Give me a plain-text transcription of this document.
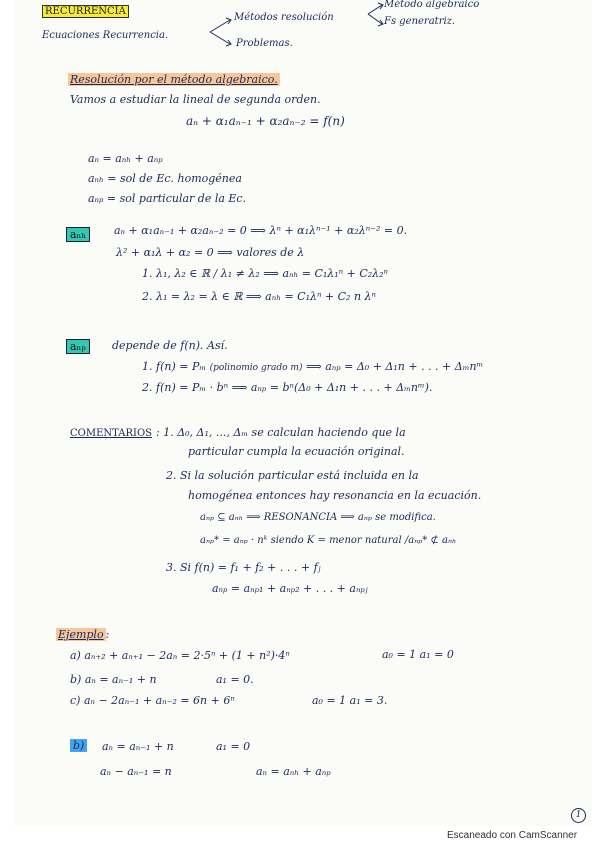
RECURRENCIA
Ecuaciones Recurrencia.
Métodos resolución
Problemas.
Método algebraico
Fs generatriz.
Resolución por el método algebraico.
Vamos a estudiar la lineal de segunda orden.
aₙ + α₁aₙ₋₁ + α₂aₙ₋₂ = f(n)
aₙ = aₙₕ + aₙₚ
aₙₕ = sol de Ec. homogénea
aₙₚ = sol particular de la Ec.
aₙₕ	aₙ + α₁aₙ₋₁ + α₂aₙ₋₂ = 0 ⟹ λⁿ + α₁λⁿ⁻¹ + α₂λⁿ⁻² = 0.
λ² + α₁λ + α₂ = 0 ⟹ valores de λ
1. λ₁, λ₂ ∈ ℝ / λ₁ ≠ λ₂ ⟹ aₙₕ = C₁λ₁ⁿ + C₂λ₂ⁿ
2. λ₁ = λ₂ = λ ∈ ℝ ⟹ aₙₕ = C₁λⁿ + C₂ n λⁿ
aₙₚ	depende de f(n). Así.
1. f(n) = Pₘ (polinomio grado m) ⟹ aₙₚ = Δ₀ + Δ₁n + . . . + Δₘnᵐ
2. f(n) = Pₘ · bⁿ ⟹ aₙₚ = bⁿ(Δ₀ + Δ₁n + . . . + Δₘnᵐ).
COMENTARIOS : 1. Δ₀, Δ₁, ..., Δₘ se calculan haciendo que la
particular cumpla la ecuación original.
2. Si la solución particular está incluida en la
homogénea entonces hay resonancia en la ecuación.
aₙₚ ⊆ aₙₕ ⟹ RESONANCIA ⟹ aₙₚ se modifica.
aₙₚ* = aₙₚ · nᵏ siendo K = menor natural /aₙₚ* ⊄ aₙₕ
3. Si f(n) = f₁ + f₂ + . . . + fⱼ
aₙₚ = aₙₚ₁ + aₙₚ₂ + . . . + aₙₚⱼ
Ejemplo :
a) aₙ₊₂ + aₙ₊₁ − 2aₙ = 2·5ⁿ + (1 + n²)·4ⁿ	a₀ = 1 a₁ = 0
b) aₙ = aₙ₋₁ + n	a₁ = 0.
c) aₙ − 2aₙ₋₁ + aₙ₋₂ = 6n + 6ⁿ	a₀ = 1 a₁ = 3.
b) aₙ = aₙ₋₁ + n	a₁ = 0
aₙ − aₙ₋₁ = n	aₙ = aₙₕ + aₙₚ
1
Escaneado con CamScanner
